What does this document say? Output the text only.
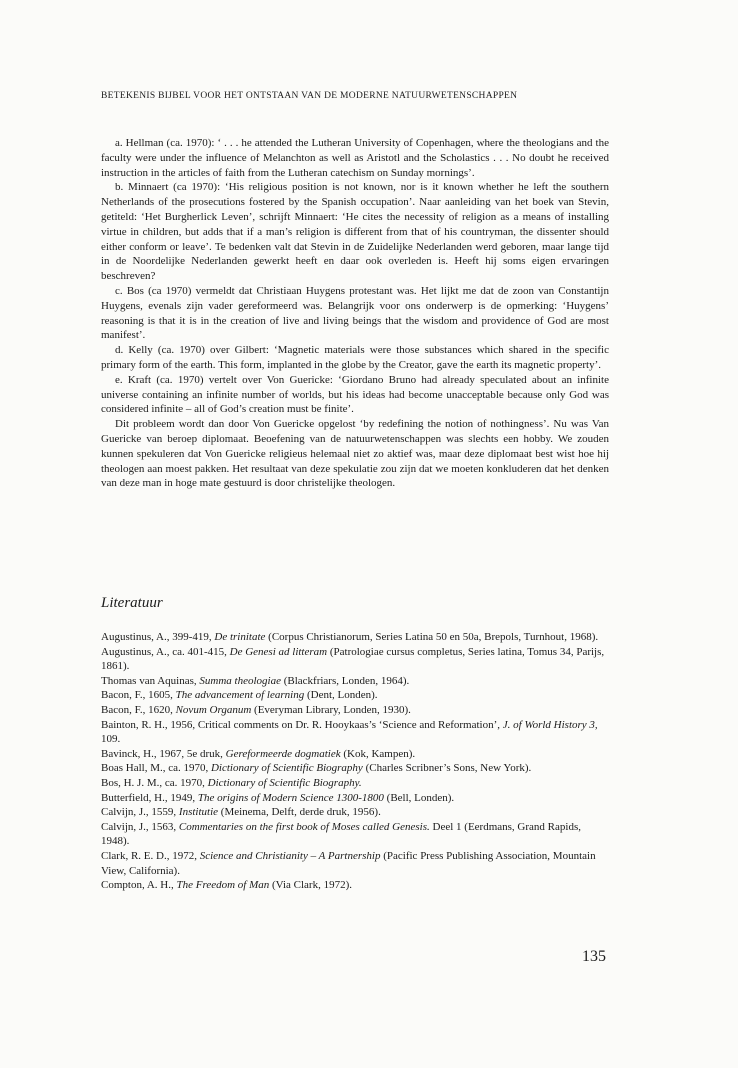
BETEKENIS BIJBEL VOOR HET ONTSTAAN VAN DE MODERNE NATUURWETENSCHAPPEN

a. Hellman (ca. 1970): ‘ . . . he attended the Lutheran University of Copenhagen, where the theologians and the faculty were under the influence of Melanchton as well as Aristotl and the Scholastics . . . No doubt he received instruction in the articles of faith from the Lutheran catechism on Sunday mornings’.

b. Minnaert (ca 1970): ‘His religious position is not known, nor is it known whether he left the southern Netherlands of the prosecutions fostered by the Spanish occupation’. Naar aanleiding van het boek van Stevin, getiteld: ‘Het Burgherlick Leven’, schrijft Minnaert: ‘He cites the necessity of religion as a means of installing virtue in children, but adds that if a man’s religion is different from that of his countryman, the dissenter should either conform or leave’. Te bedenken valt dat Stevin in de Zuidelijke Nederlanden werd geboren, maar lange tijd in de Noordelijke Nederlanden gewerkt heeft en daar ook overleden is. Heeft hij soms eigen ervaringen beschreven?

c. Bos (ca 1970) vermeldt dat Christiaan Huygens protestant was. Het lijkt me dat de zoon van Constantijn Huygens, evenals zijn vader gereformeerd was. Belangrijk voor ons onderwerp is de opmerking: ‘Huygens’ reasoning is that it is in the creation of live and living beings that the wisdom and providence of God are most manifest’.

d. Kelly (ca. 1970) over Gilbert: ‘Magnetic materials were those substances which shared in the specific primary form of the earth. This form, implanted in the globe by the Creator, gave the earth its magnetic property’.

e. Kraft (ca. 1970) vertelt over Von Guericke: ‘Giordano Bruno had already speculated about an infinite universe containing an infinite number of worlds, but his ideas had become unacceptable because only God was considered infinite – all of God’s creation must be finite’.

Dit probleem wordt dan door Von Guericke opgelost ‘by redefining the notion of nothingness’. Nu was Van Guericke van beroep diplomaat. Beoefening van de natuurwetenschappen was slechts een hobby. We zouden kunnen spekuleren dat Von Guericke religieus helemaal niet zo aktief was, maar deze diplomaat best wist hoe hij theologen aan moest pakken. Het resultaat van deze spekulatie zou zijn dat we moeten konkluderen dat het denken van deze man in hoge mate gestuurd is door christelijke theologen.

Literatuur

Augustinus, A., 399-419, De trinitate (Corpus Christianorum, Series Latina 50 en 50a, Brepols, Turnhout, 1968).

Augustinus, A., ca. 401-415, De Genesi ad litteram (Patrologiae cursus completus, Series latina, Tomus 34, Parijs, 1861).

Thomas van Aquinas, Summa theologiae (Blackfriars, Londen, 1964).

Bacon, F., 1605, The advancement of learning (Dent, Londen).

Bacon, F., 1620, Novum Organum (Everyman Library, Londen, 1930).

Bainton, R. H., 1956, Critical comments on Dr. R. Hooykaas’s ‘Science and Reformation’, J. of World History 3, 109.

Bavinck, H., 1967, 5e druk, Gereformeerde dogmatiek (Kok, Kampen).

Boas Hall, M., ca. 1970, Dictionary of Scientific Biography (Charles Scribner’s Sons, New York).

Bos, H. J. M., ca. 1970, Dictionary of Scientific Biography.

Butterfield, H., 1949, The origins of Modern Science 1300-1800 (Bell, Londen).

Calvijn, J., 1559, Institutie (Meinema, Delft, derde druk, 1956).

Calvijn, J., 1563, Commentaries on the first book of Moses called Genesis. Deel 1 (Eerdmans, Grand Rapids, 1948).

Clark, R. E. D., 1972, Science and Christianity – A Partnership (Pacific Press Publishing Association, Mountain View, California).

Compton, A. H., The Freedom of Man (Via Clark, 1972).

135
